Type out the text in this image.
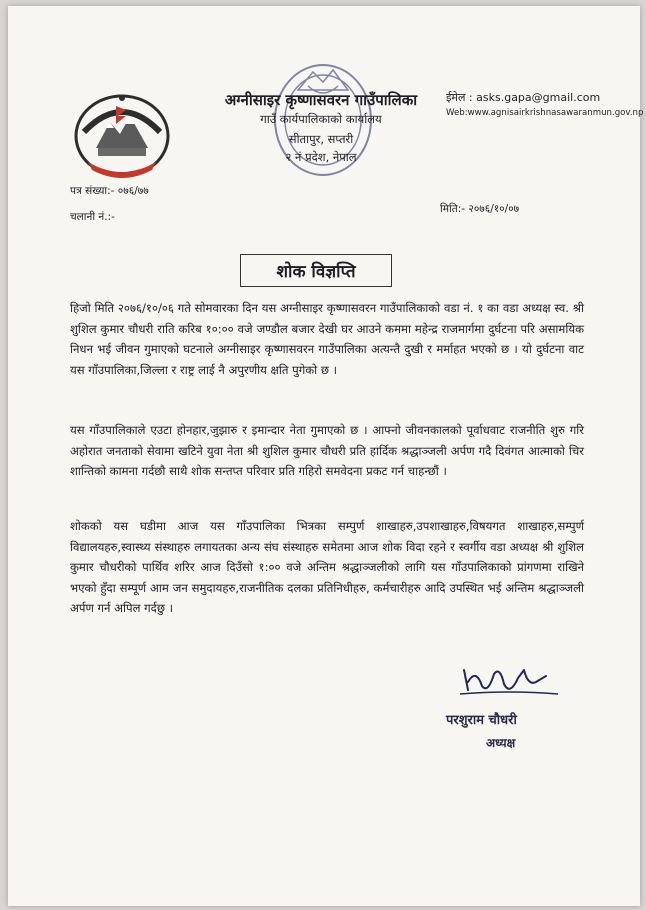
अग्नीसाइर कृष्णासवरन गाउँपालिका
गाउँ कार्यपालिकाको कार्यालय
सीतापुर, सप्तरी
२ नं प्रदेश, नेपाल
ईमेल : asks.gapa@gmail.com
Web:www.agnisairkrishnasawaranmun.gov.np
पत्र संख्या:- ०७६/७७
चलानी नं.:-
मिति:- २०७६/१०/०७
शोक विज्ञप्ति

हिजो मिति २०७६/१०/०६ गते सोमवारका दिन यस अग्नीसाइर कृष्णासवरन गाउँपालिकाको वडा नं. १ का वडा अध्यक्ष स्व. श्री शुशिल कुमार चौधरी राति करिब १०:०० वजे जण्डौल बजार देखी घर आउने कममा महेन्द्र राजमार्गमा दुर्घटना परि असामयिक निधन भई जीवन गुमाएको घटनाले अग्नीसाइर कृष्णासवरन गाउँपालिका अत्यन्तै दुखी र मर्माहत भएको छ । यो दुर्घटना वाट यस गाँउपालिका,जिल्ला र राष्ट्र लाई नै अपुरणीय क्षति पुगेको छ ।

यस गाँउपालिकाले एउटा होनहार,जुझारु र इमान्दार नेता गुमाएको छ । आफ्नो जीवनकालको पूर्वाधवाट राजनीति शुरु गरि अहोरात जनताको सेवामा खटिने युवा नेता श्री शुशिल कुमार चौधरी प्रति हार्दिक श्रद्धाञ्जली अर्पण गदै दिवंगत आत्माको चिर शान्तिको कामना गर्दछौ साथै शोक सन्तप्त परिवार प्रति गहिरो समवेदना प्रकट गर्न चाहन्छौं ।

शोकको यस घडीमा आज यस गाँउपालिका भित्रका सम्पुर्ण शाखाहरु,उपशाखाहरु,विषयगत शाखाहरु,सम्पुर्ण विद्यालयहरु,स्वास्थ्य संस्थाहरु लगायतका अन्य संघ संस्थाहरु समेतमा आज शोक विदा रहने र स्वर्गीय वडा अध्यक्ष श्री शुशिल कुमार चौधरीको पार्थिव शरिर आज दिउँसो १:०० वजे अन्तिम श्रद्धाञ्जलीको लागि यस गाँउपालिकाको प्रांगणमा राखिने भएको हुँदा सम्पूर्ण आम जन समुदायहरु,राजनीतिक दलका प्रतिनिधीहरु, कर्मचारीहरु आदि उपस्थित भई अन्तिम श्रद्धाञ्जली अर्पण गर्न अपिल गर्दछु ।

परशुराम चौधरी
अध्यक्ष
